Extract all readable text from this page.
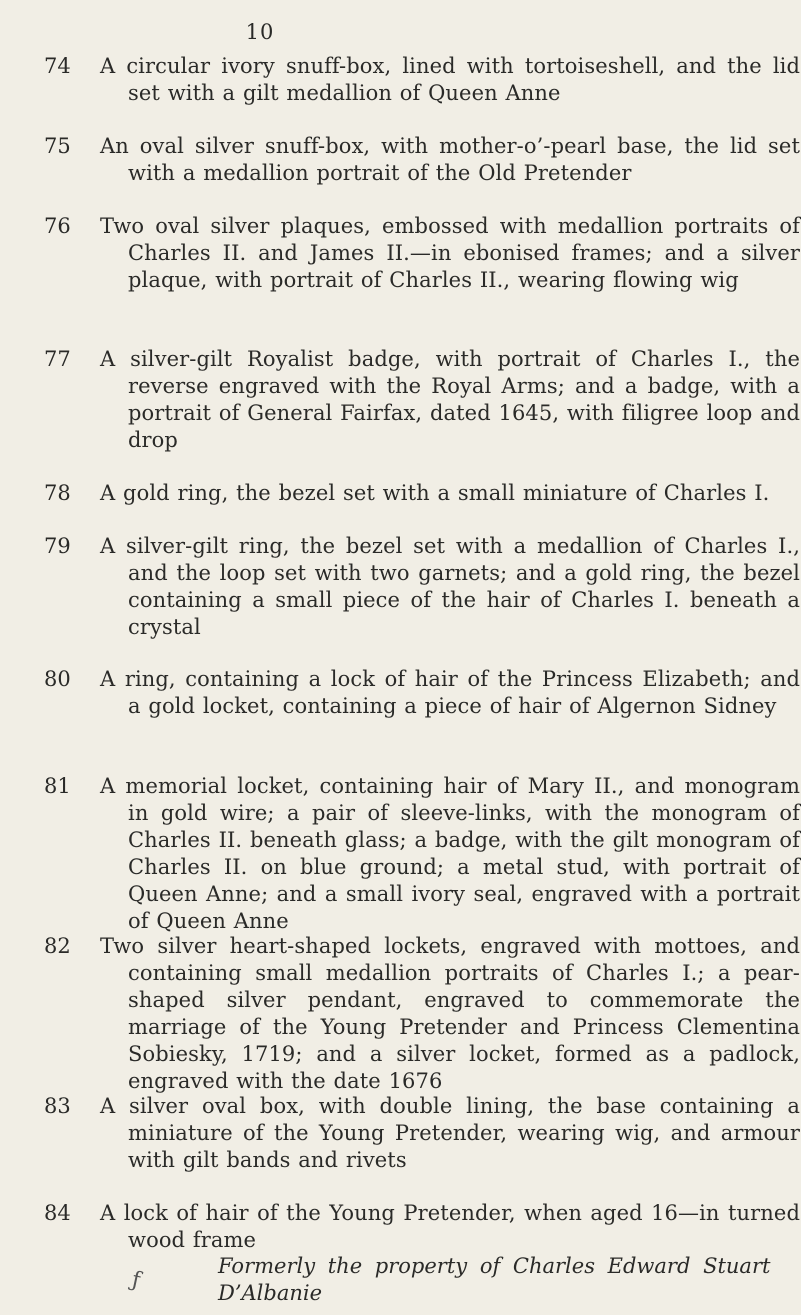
10
74 A circular ivory snuff-box, lined with tortoiseshell, and the lid set with a gilt medallion of Queen Anne
75 An oval silver snuff-box, with mother-o’-pearl base, the lid set with a medallion portrait of the Old Pretender
76 Two oval silver plaques, embossed with medallion portraits of Charles II. and James II.—in ebonised frames; and a silver plaque, with portrait of Charles II., wearing flowing wig
77 A silver-gilt Royalist badge, with portrait of Charles I., the reverse engraved with the Royal Arms; and a badge, with a portrait of General Fairfax, dated 1645, with filigree loop and drop
78 A gold ring, the bezel set with a small miniature of Charles I.
79 A silver-gilt ring, the bezel set with a medallion of Charles I., and the loop set with two garnets; and a gold ring, the bezel containing a small piece of the hair of Charles I. beneath a crystal
80 A ring, containing a lock of hair of the Princess Elizabeth; and a gold locket, containing a piece of hair of Algernon Sidney
81 A memorial locket, containing hair of Mary II., and monogram in gold wire; a pair of sleeve-links, with the monogram of Charles II. beneath glass; a badge, with the gilt monogram of Charles II. on blue ground; a metal stud, with portrait of Queen Anne; and a small ivory seal, engraved with a portrait of Queen Anne
82 Two silver heart-shaped lockets, engraved with mottoes, and containing small medallion portraits of Charles I.; a pear-shaped silver pendant, engraved to commemorate the marriage of the Young Pretender and Princess Clementina Sobiesky, 1719; and a silver locket, formed as a padlock, engraved with the date 1676
83 A silver oval box, with double lining, the base containing a miniature of the Young Pretender, wearing wig, and armour with gilt bands and rivets
84 A lock of hair of the Young Pretender, when aged 16—in turned wood frame
Formerly the property of Charles Edward Stuart D’Albanie
ƒ
